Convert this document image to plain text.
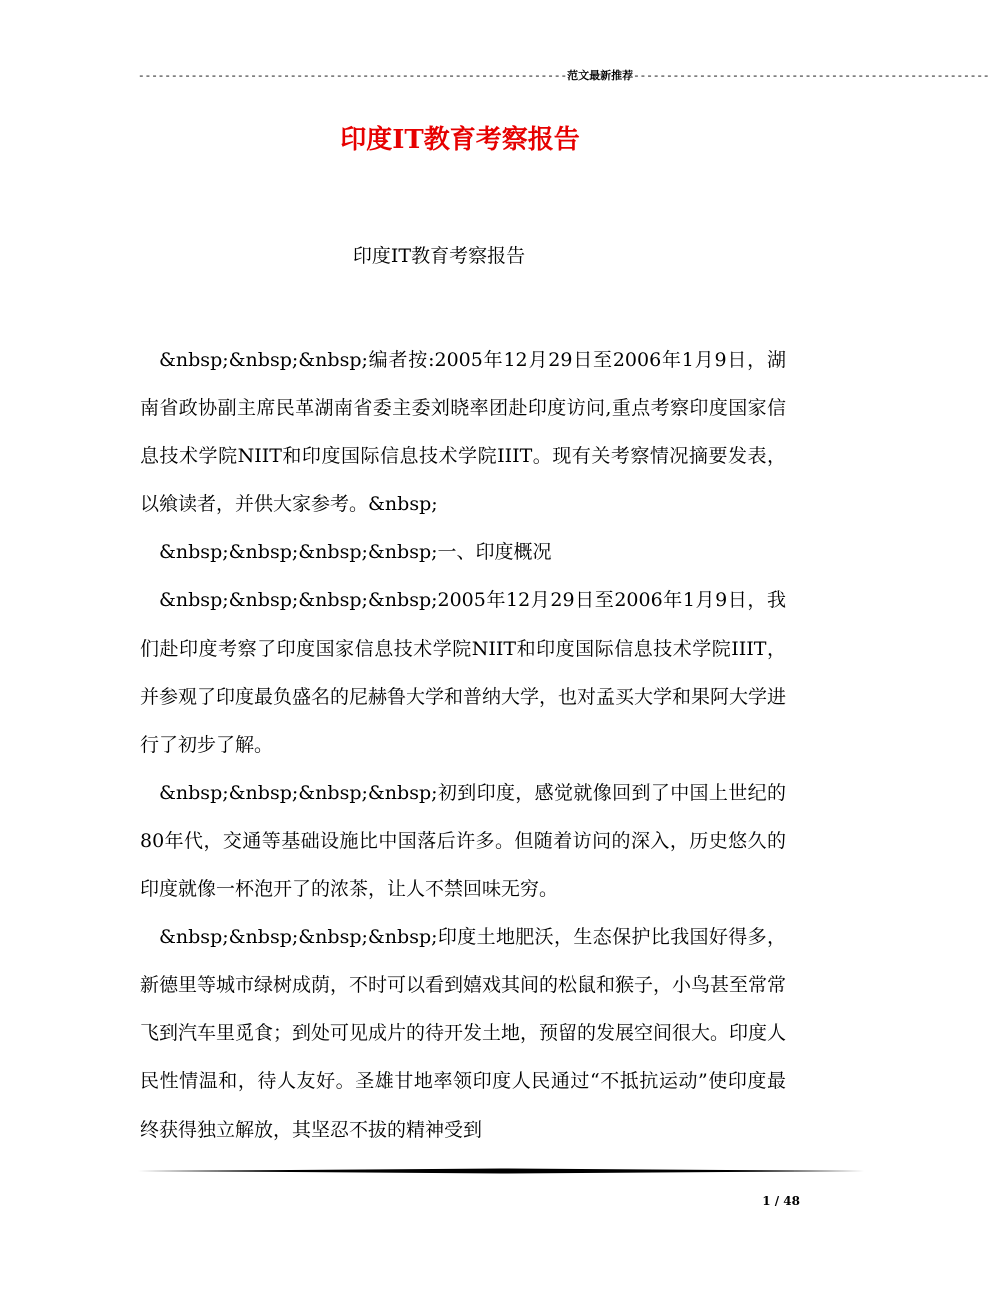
-----------------------------------------------------------------范文最新推荐------------------------------------------------------
印度IT教育考察报告
印度IT教育考察报告

&nbsp;&nbsp;&nbsp;编者按:2005年12月29日至2006年1月9日，湖南省政协副主席民革湖南省委主委刘晓率团赴印度访问,重点考察印度国家信息技术学院NIIT和印度国际信息技术学院IIIT。现有关考察情况摘要发表，以飨读者，并供大家参考。&nbsp;

&nbsp;&nbsp;&nbsp;&nbsp;一、印度概况

&nbsp;&nbsp;&nbsp;&nbsp;2005年12月29日至2006年1月9日，我们赴印度考察了印度国家信息技术学院NIIT和印度国际信息技术学院IIIT，并参观了印度最负盛名的尼赫鲁大学和普纳大学，也对孟买大学和果阿大学进行了初步了解。

&nbsp;&nbsp;&nbsp;&nbsp;初到印度，感觉就像回到了中国上世纪的80年代，交通等基础设施比中国落后许多。但随着访问的深入，历史悠久的印度就像一杯泡开了的浓茶，让人不禁回味无穷。

&nbsp;&nbsp;&nbsp;&nbsp;印度土地肥沃，生态保护比我国好得多，新德里等城市绿树成荫，不时可以看到嬉戏其间的松鼠和猴子，小鸟甚至常常飞到汽车里觅食；到处可见成片的待开发土地，预留的发展空间很大。印度人民性情温和，待人友好。圣雄甘地率领印度人民通过“不抵抗运动”使印度最终获得独立解放，其坚忍不拔的精神受到

1 / 48
